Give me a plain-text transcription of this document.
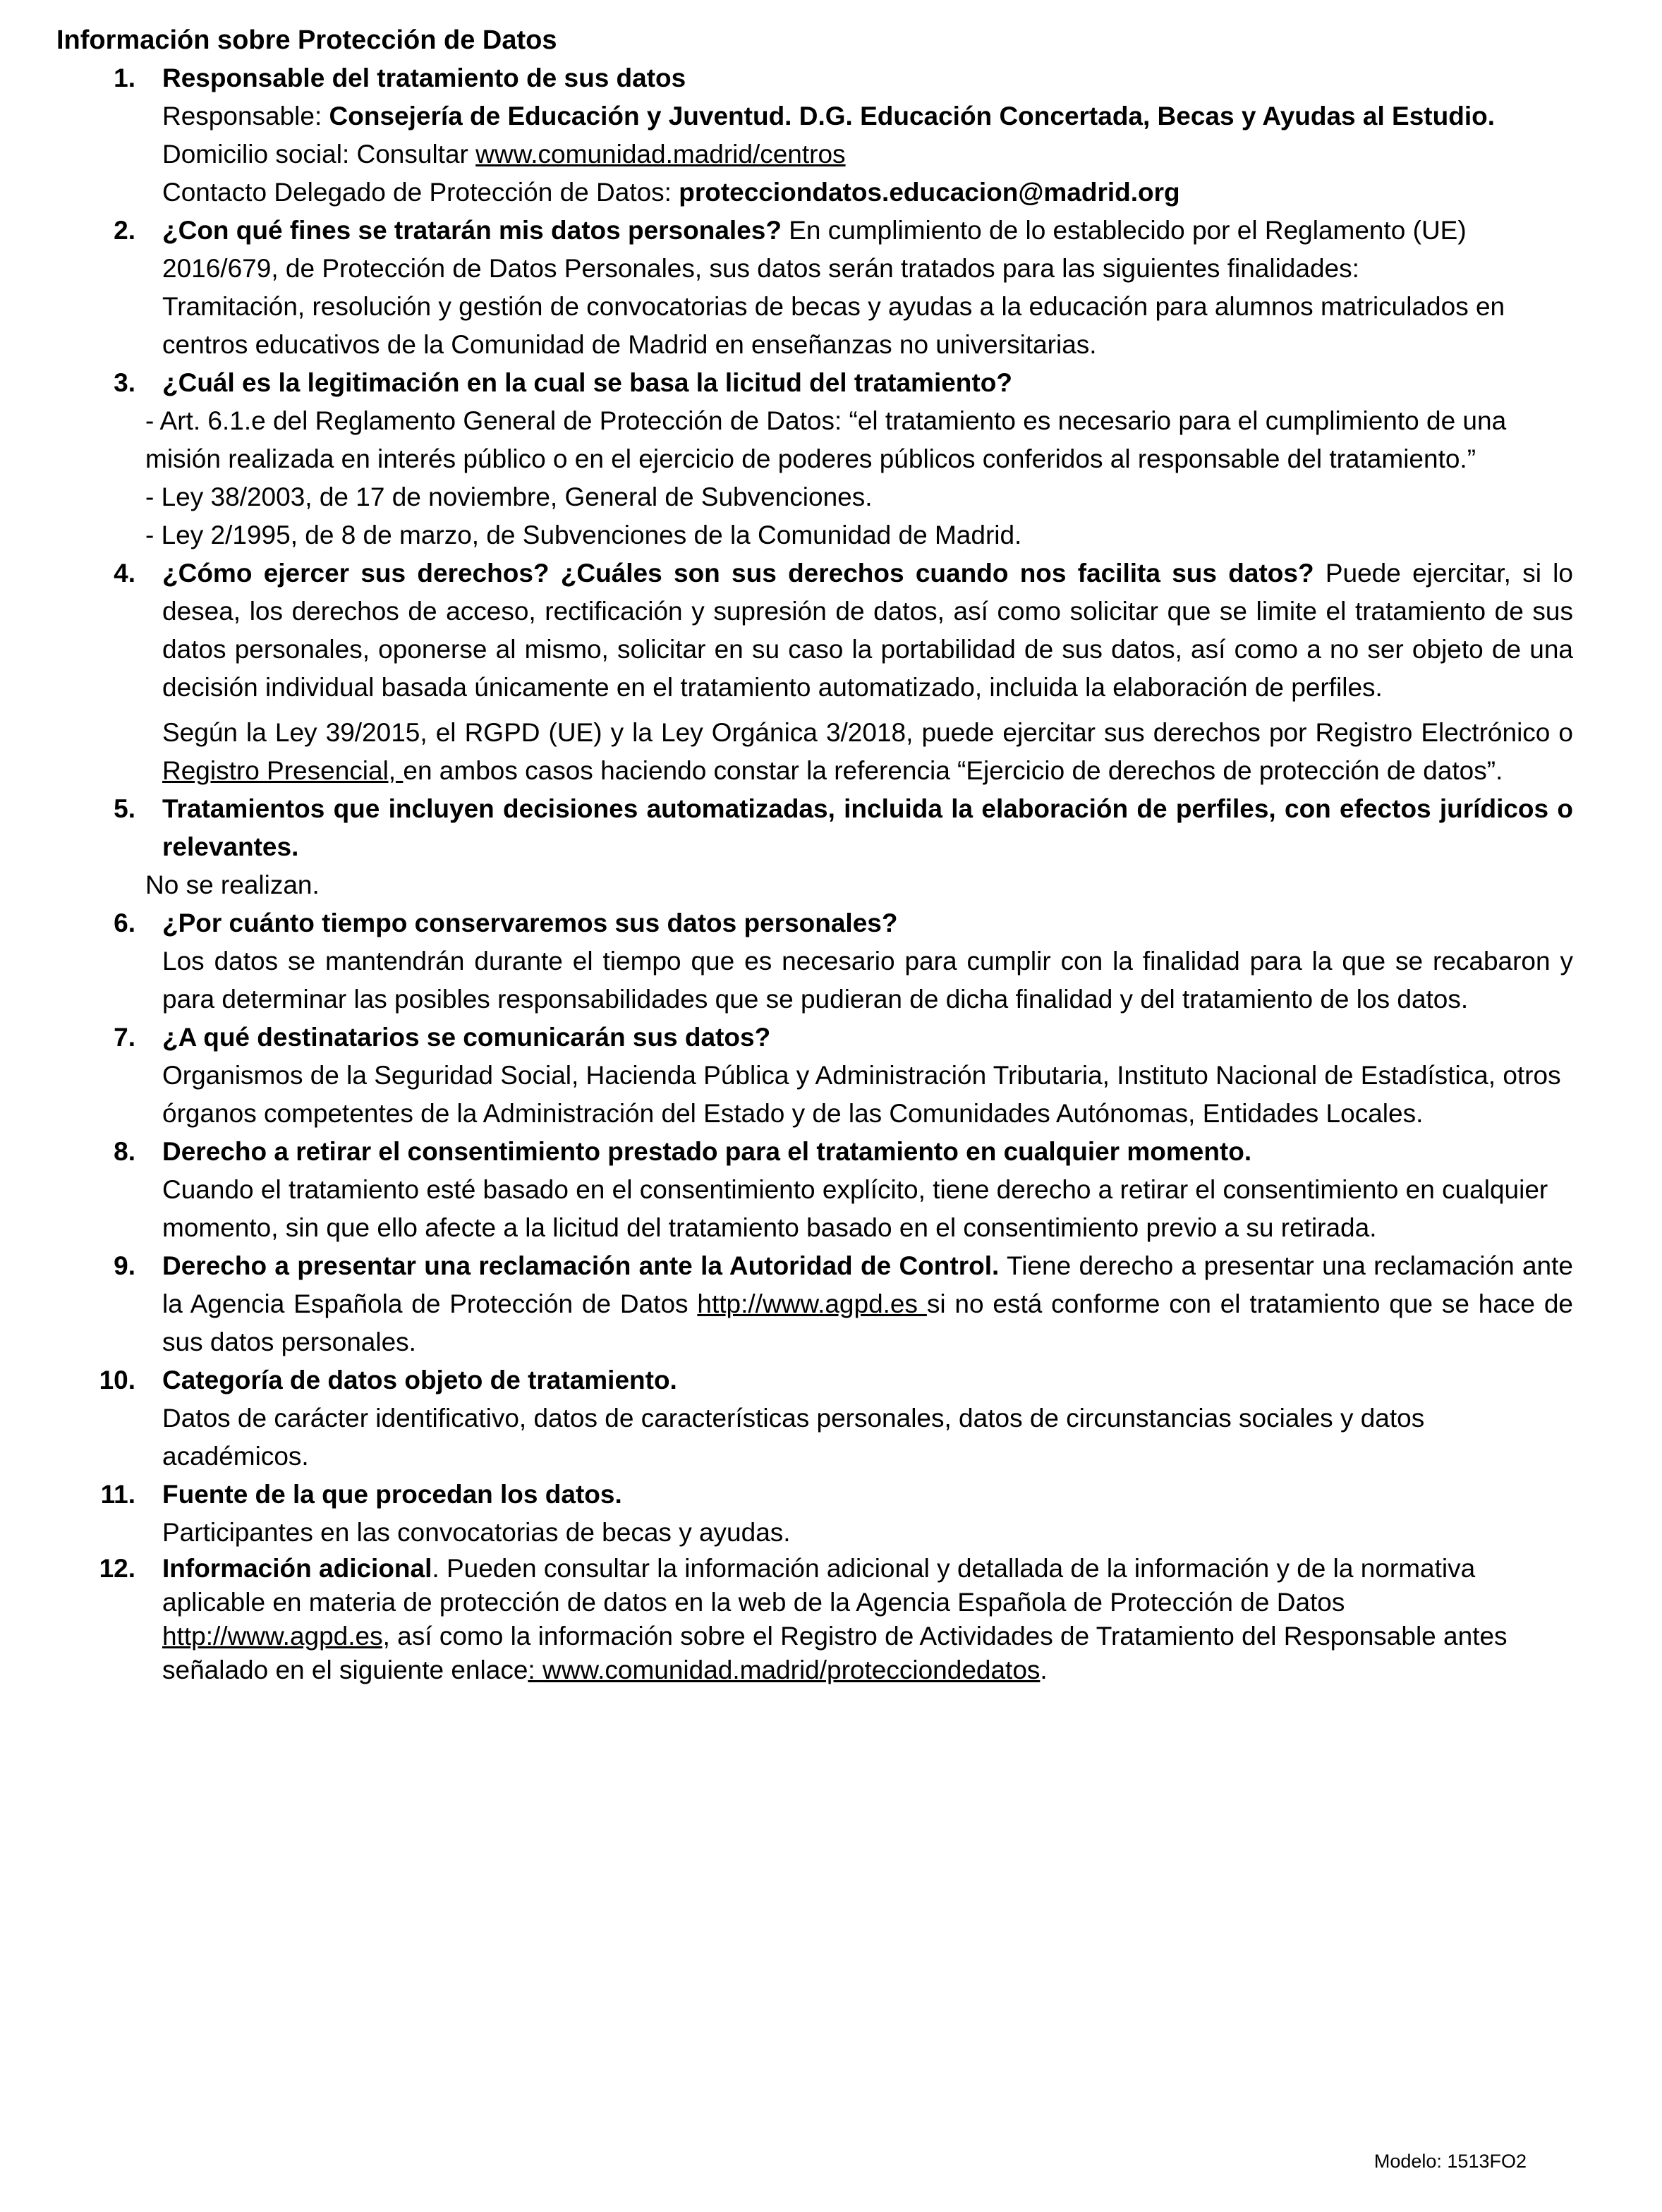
Información sobre Protección de Datos
1. Responsable del tratamiento de sus datos
Responsable: Consejería de Educación y Juventud. D.G. Educación Concertada, Becas y Ayudas al Estudio.
Domicilio social: Consultar www.comunidad.madrid/centros
Contacto Delegado de Protección de Datos: protecciondatos.educacion@madrid.org
2. ¿Con qué fines se tratarán mis datos personales? En cumplimiento de lo establecido por el Reglamento (UE) 2016/679, de Protección de Datos Personales, sus datos serán tratados para las siguientes finalidades:
Tramitación, resolución y gestión de convocatorias de becas y ayudas a la educación para alumnos matriculados en centros educativos de la Comunidad de Madrid en enseñanzas no universitarias.
3. ¿Cuál es la legitimación en la cual se basa la licitud del tratamiento?
- Art. 6.1.e del Reglamento General de Protección de Datos: “el tratamiento es necesario para el cumplimiento de una misión realizada en interés público o en el ejercicio de poderes públicos conferidos al responsable del tratamiento.”
- Ley 38/2003, de 17 de noviembre, General de Subvenciones.
- Ley 2/1995, de 8 de marzo, de Subvenciones de la Comunidad de Madrid.
4. ¿Cómo ejercer sus derechos? ¿Cuáles son sus derechos cuando nos facilita sus datos? Puede ejercitar, si lo desea, los derechos de acceso, rectificación y supresión de datos, así como solicitar que se limite el tratamiento de sus datos personales, oponerse al mismo, solicitar en su caso la portabilidad de sus datos, así como a no ser objeto de una decisión individual basada únicamente en el tratamiento automatizado, incluida la elaboración de perfiles.
Según la Ley 39/2015, el RGPD (UE) y la Ley Orgánica 3/2018, puede ejercitar sus derechos por Registro Electrónico o Registro Presencial, en ambos casos haciendo constar la referencia “Ejercicio de derechos de protección de datos”.
5. Tratamientos que incluyen decisiones automatizadas, incluida la elaboración de perfiles, con efectos jurídicos o relevantes.
No se realizan.
6. ¿Por cuánto tiempo conservaremos sus datos personales?
Los datos se mantendrán durante el tiempo que es necesario para cumplir con la finalidad para la que se recabaron y para determinar las posibles responsabilidades que se pudieran de dicha finalidad y del tratamiento de los datos.
7. ¿A qué destinatarios se comunicarán sus datos?
Organismos de la Seguridad Social, Hacienda Pública y Administración Tributaria, Instituto Nacional de Estadística, otros órganos competentes de la Administración del Estado y de las Comunidades Autónomas, Entidades Locales.
8. Derecho a retirar el consentimiento prestado para el tratamiento en cualquier momento.
Cuando el tratamiento esté basado en el consentimiento explícito, tiene derecho a retirar el consentimiento en cualquier momento, sin que ello afecte a la licitud del tratamiento basado en el consentimiento previo a su retirada.
9. Derecho a presentar una reclamación ante la Autoridad de Control. Tiene derecho a presentar una reclamación ante la Agencia Española de Protección de Datos http://www.agpd.es si no está conforme con el tratamiento que se hace de sus datos personales.
10. Categoría de datos objeto de tratamiento.
Datos de carácter identificativo, datos de características personales, datos de circunstancias sociales y datos académicos.
11. Fuente de la que procedan los datos.
Participantes en las convocatorias de becas y ayudas.
12. Información adicional. Pueden consultar la información adicional y detallada de la información y de la normativa aplicable en materia de protección de datos en la web de la Agencia Española de Protección de Datos http://www.agpd.es, así como la información sobre el Registro de Actividades de Tratamiento del Responsable antes señalado en el siguiente enlace: www.comunidad.madrid/protecciondedatos.
Modelo: 1513FO2
